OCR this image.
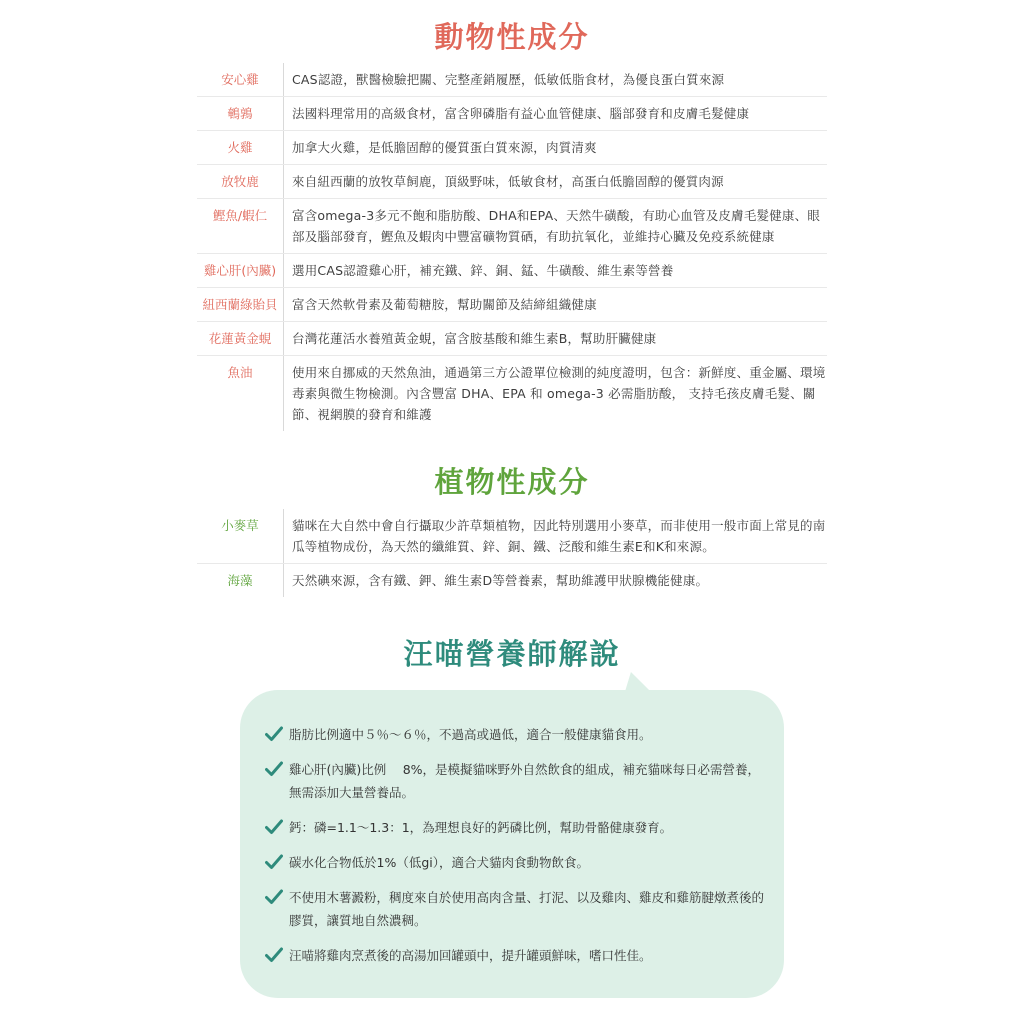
動物性成分
安心雞	CAS認證，獸醫檢驗把關、完整產銷履歷，低敏低脂食材，為優良蛋白質來源
鵪鶉	法國料理常用的高級食材，富含卵磷脂有益心血管健康、腦部發育和皮膚毛髮健康
火雞	加拿大火雞，是低膽固醇的優質蛋白質來源，肉質清爽
放牧鹿	來自紐西蘭的放牧草飼鹿，頂級野味，低敏食材，高蛋白低膽固醇的優質肉源
鰹魚/蝦仁	富含omega-3多元不飽和脂肪酸、DHA和EPA、天然牛磺酸，有助心血管及皮膚毛髮健康、眼部及腦部發育，鰹魚及蝦肉中豐富礦物質硒，有助抗氧化，並維持心臟及免疫系統健康
雞心肝(內臟)	選用CAS認證雞心肝，補充鐵、鋅、銅、錳、牛磺酸、維生素等營養
紐西蘭綠貽貝	富含天然軟骨素及葡萄糖胺，幫助關節及結締組織健康
花蓮黃金蜆	台灣花蓮活水養殖黃金蜆，富含胺基酸和維生素B，幫助肝臟健康
魚油	使用來自挪威的天然魚油，通過第三方公證單位檢測的純度證明，包含：新鮮度、重金屬、環境毒素與微生物檢測。內含豐富 DHA、EPA 和 omega-3 必需脂肪酸， 支持毛孩皮膚毛髮、關節、視網膜的發育和維護
植物性成分
小麥草	貓咪在大自然中會自行攝取少許草類植物，因此特別選用小麥草，而非使用一般市面上常見的南瓜等植物成份，為天然的纖維質、鋅、銅、鐵、泛酸和維生素E和K和來源。
海藻	天然碘來源，含有鐵、鉀、維生素D等營養素，幫助維護甲狀腺機能健康。
汪喵營養師解說
脂肪比例適中５％～６％，不過高或過低，適合一般健康貓食用。
雞心肝(內臟)比例　 8%，是模擬貓咪野外自然飲食的組成，補充貓咪每日必需營養，無需添加大量營養品。
鈣：磷=1.1～1.3：1，為理想良好的鈣磷比例，幫助骨骼健康發育。
碳水化合物低於1%（低gi），適合犬貓肉食動物飲食。
不使用木薯澱粉，稠度來自於使用高肉含量、打泥、以及雞肉、雞皮和雞筋腱燉煮後的膠質，讓質地自然濃稠。
汪喵將雞肉烹煮後的高湯加回罐頭中，提升罐頭鮮味，嗜口性佳。
